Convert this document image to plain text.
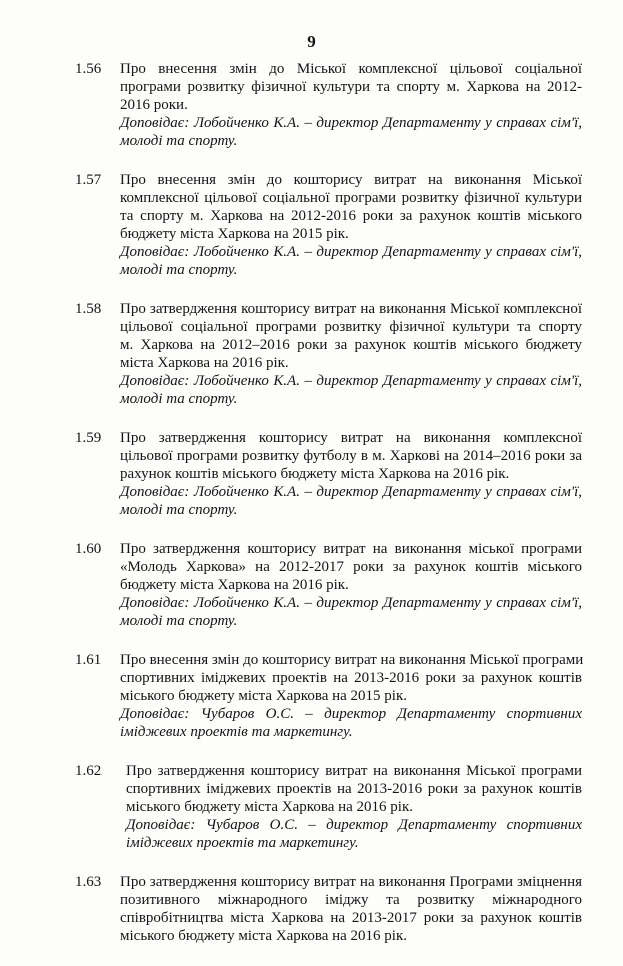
9
1.56	Про внесення змін до Міської комплексної цільової соціальної
програми розвитку фізичної культури та спорту м. Харкова на 2012-
2016 роки.
Доповідає: Лобойченко К.А. – директор Департаменту у справах сім'ї,
молоді та спорту.
1.57	Про внесення змін до кошторису витрат на виконання Міської
комплексної цільової соціальної програми розвитку фізичної культури
та спорту м. Харкова на 2012-2016 роки за рахунок коштів міського
бюджету міста Харкова на 2015 рік.
Доповідає: Лобойченко К.А. – директор Департаменту у справах сім'ї,
молоді та спорту.
1.58	Про затвердження кошторису витрат на виконання Міської комплексної
цільової соціальної програми розвитку фізичної культури та спорту
м. Харкова на 2012–2016 роки за рахунок коштів міського бюджету
міста Харкова на 2016 рік.
Доповідає: Лобойченко К.А. – директор Департаменту у справах сім'ї,
молоді та спорту.
1.59	Про затвердження кошторису витрат на виконання комплексної
цільової програми розвитку футболу в м. Харкові на 2014–2016 роки за
рахунок коштів міського бюджету міста Харкова на 2016 рік.
Доповідає: Лобойченко К.А. – директор Департаменту у справах сім'ї,
молоді та спорту.
1.60	Про затвердження кошторису витрат на виконання міської програми
«Молодь Харкова» на 2012-2017 роки за рахунок коштів міського
бюджету міста Харкова на 2016 рік.
Доповідає: Лобойченко К.А. – директор Департаменту у справах сім'ї,
молоді та спорту.
1.61	Про внесення змін до кошторису витрат на виконання Міської програми
спортивних іміджевих проектів на 2013-2016 роки за рахунок коштів
міського бюджету міста Харкова на 2015 рік.
Доповідає: Чубаров О.С. – директор Департаменту спортивних
іміджевих проектів та маркетингу.
1.62	Про затвердження кошторису витрат на виконання Міської програми
спортивних іміджевих проектів на 2013-2016 роки за рахунок коштів
міського бюджету міста Харкова на 2016 рік.
Доповідає: Чубаров О.С. – директор Департаменту спортивних
іміджевих проектів та маркетингу.
1.63	Про затвердження кошторису витрат на виконання Програми зміцнення
позитивного міжнародного іміджу та розвитку міжнародного
співробітництва міста Харкова на 2013-2017 роки за рахунок коштів
міського бюджету міста Харкова на 2016 рік.
